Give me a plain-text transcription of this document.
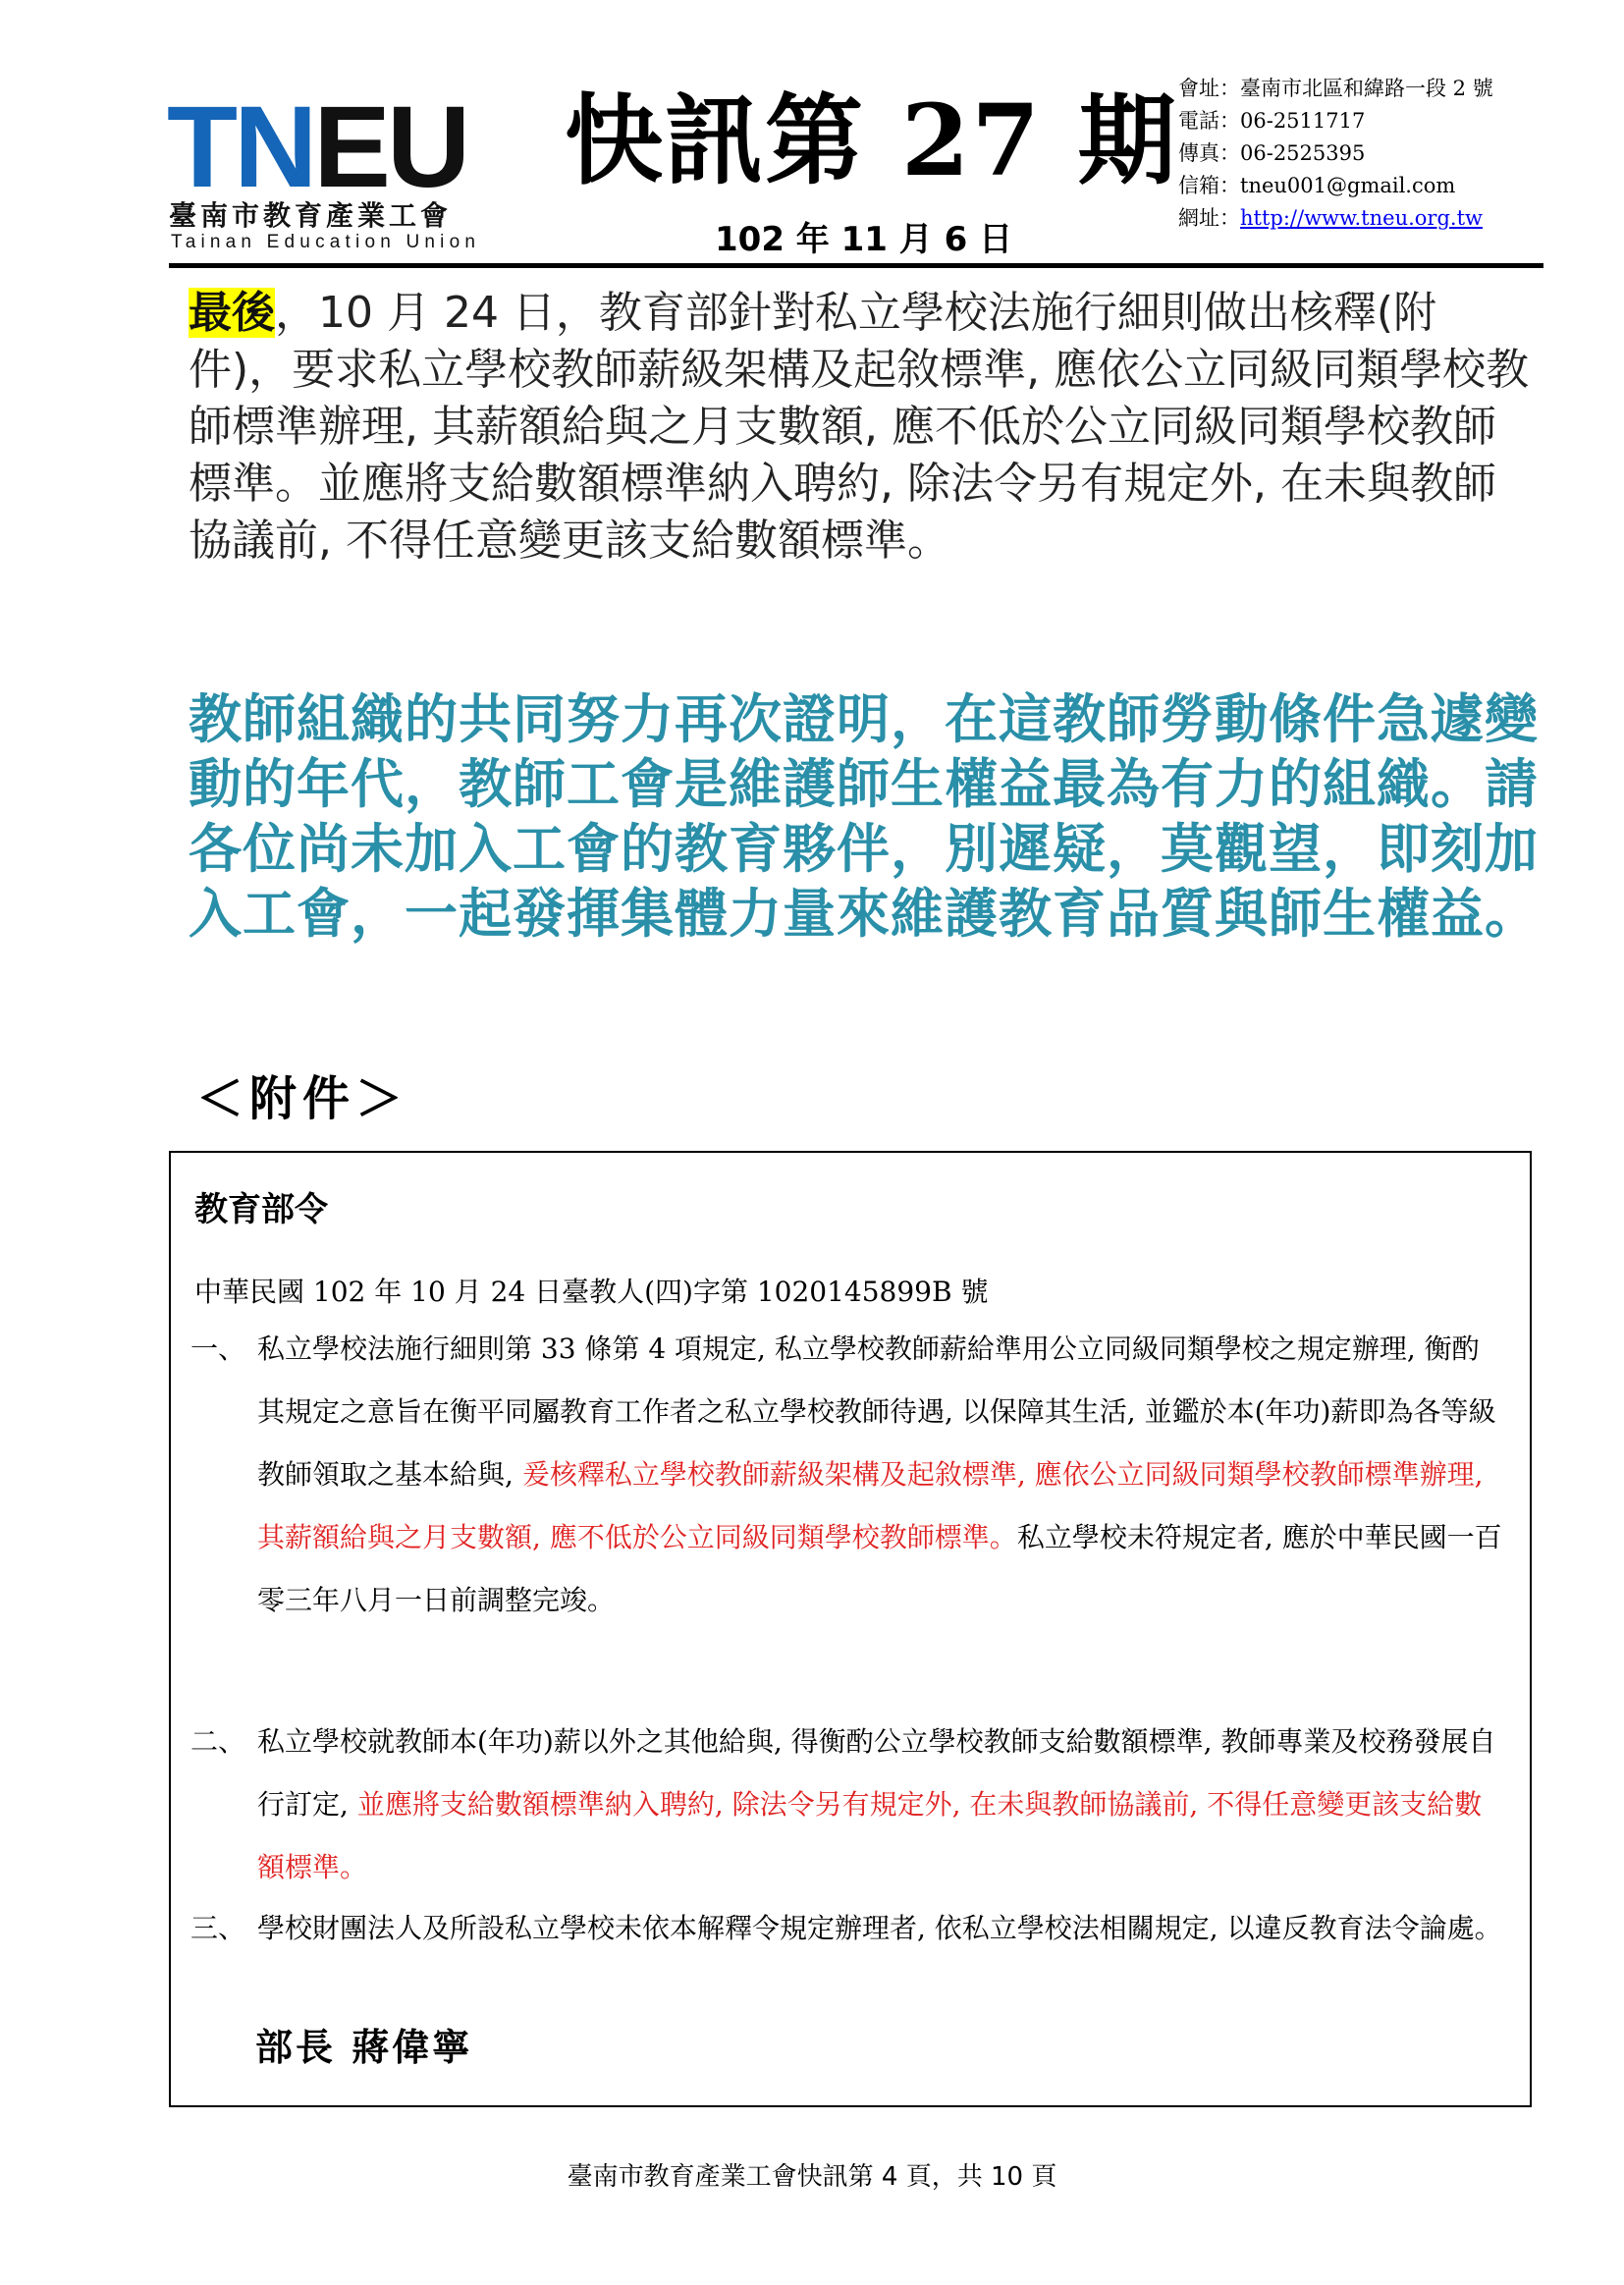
TNEU
臺南市教育產業工會
Tainan Education Union
快訊第 27 期
102 年 11 月 6 日
會址：臺南市北區和緯路一段 2 號
電話：06-2511717
傳真：06-2525395
信箱：tneu001@gmail.com
網址：http://www.tneu.org.tw
最後，10 月 24 日，教育部針對私立學校法施行細則做出核釋(附件)，要求私立學校教師薪級架構及起敘標準, 應依公立同級同類學校教師標準辦理, 其薪額給與之月支數額, 應不低於公立同級同類學校教師標準。並應將支給數額標準納入聘約, 除法令另有規定外, 在未與教師協議前, 不得任意變更該支給數額標準。
教師組織的共同努力再次證明，在這教師勞動條件急遽變動的年代，教師工會是維護師生權益最為有力的組織。請各位尚未加入工會的教育夥伴，別遲疑，莫觀望，即刻加入工會，一起發揮集體力量來維護教育品質與師生權益。
＜附件＞
教育部令
中華民國 102 年 10 月 24 日臺教人(四)字第 1020145899B 號
一、 私立學校法施行細則第 33 條第 4 項規定, 私立學校教師薪給準用公立同級同類學校之規定辦理, 衡酌其規定之意旨在衡平同屬教育工作者之私立學校教師待遇, 以保障其生活, 並鑑於本(年功)薪即為各等級教師領取之基本給與, 爰核釋私立學校教師薪級架構及起敘標準, 應依公立同級同類學校教師標準辦理, 其薪額給與之月支數額, 應不低於公立同級同類學校教師標準。私立學校未符規定者, 應於中華民國一百零三年八月一日前調整完竣。
二、 私立學校就教師本(年功)薪以外之其他給與, 得衡酌公立學校教師支給數額標準, 教師專業及校務發展自行訂定, 並應將支給數額標準納入聘約, 除法令另有規定外, 在未與教師協議前, 不得任意變更該支給數額標準。
三、 學校財團法人及所設私立學校未依本解釋令規定辦理者, 依私立學校法相關規定, 以違反教育法令論處。
部長 蔣偉寧
臺南市教育產業工會快訊第 4 頁，共 10 頁
